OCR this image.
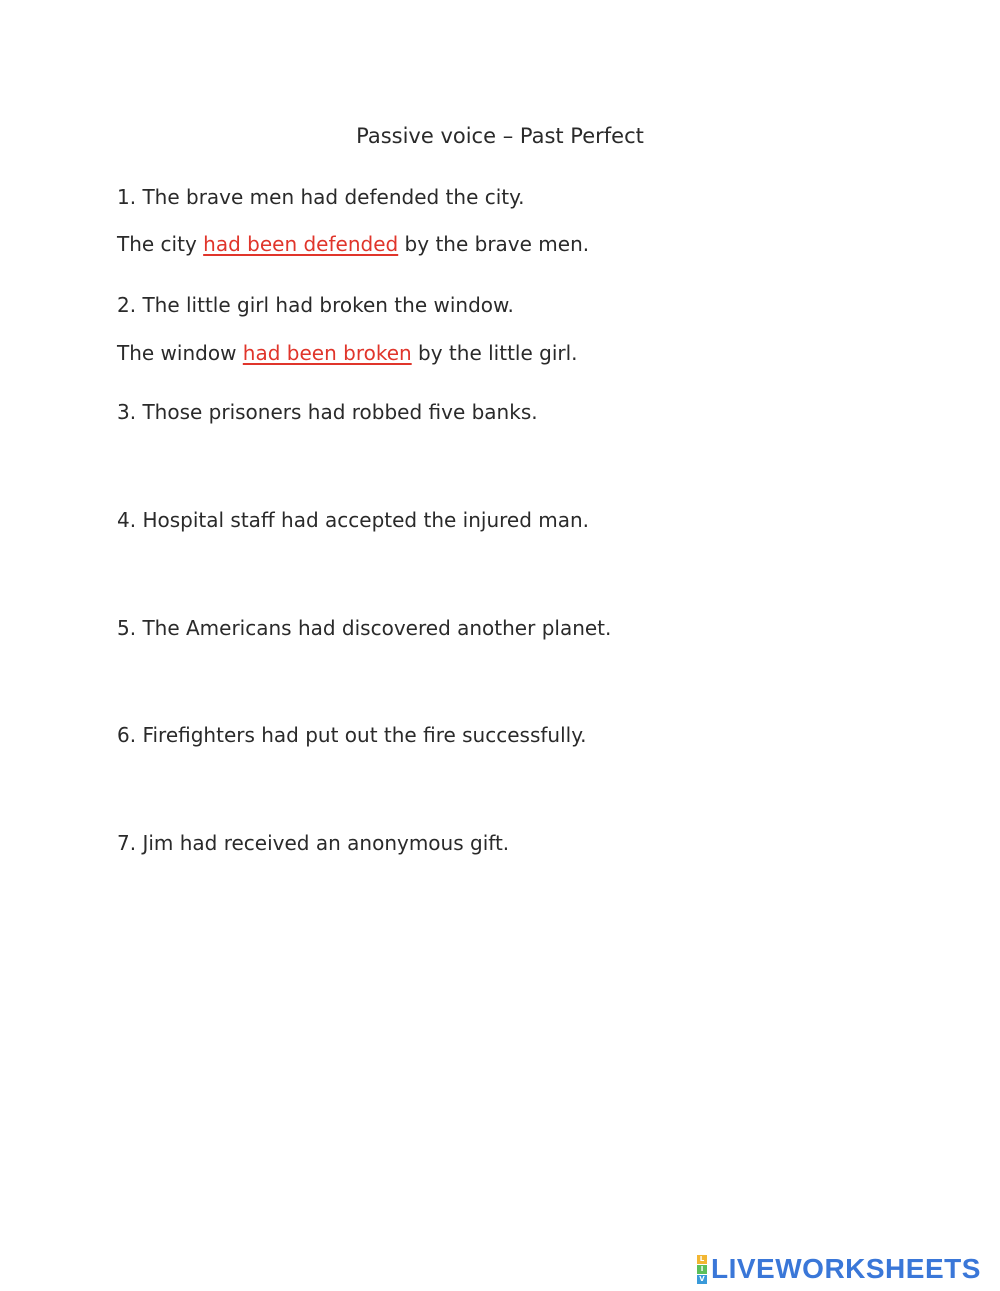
Passive voice – Past Perfect
1. The brave men had defended the city.
The city had been defended by the brave men.
2. The little girl had broken the window.
The window had been broken by the little girl.
3. Those prisoners had robbed five banks.
4. Hospital staff had accepted the injured man.
5. The Americans had discovered another planet.
6. Firefighters had put out the fire successfully.
7. Jim had received an anonymous gift.
L
I
V LIVEWORKSHEETS
